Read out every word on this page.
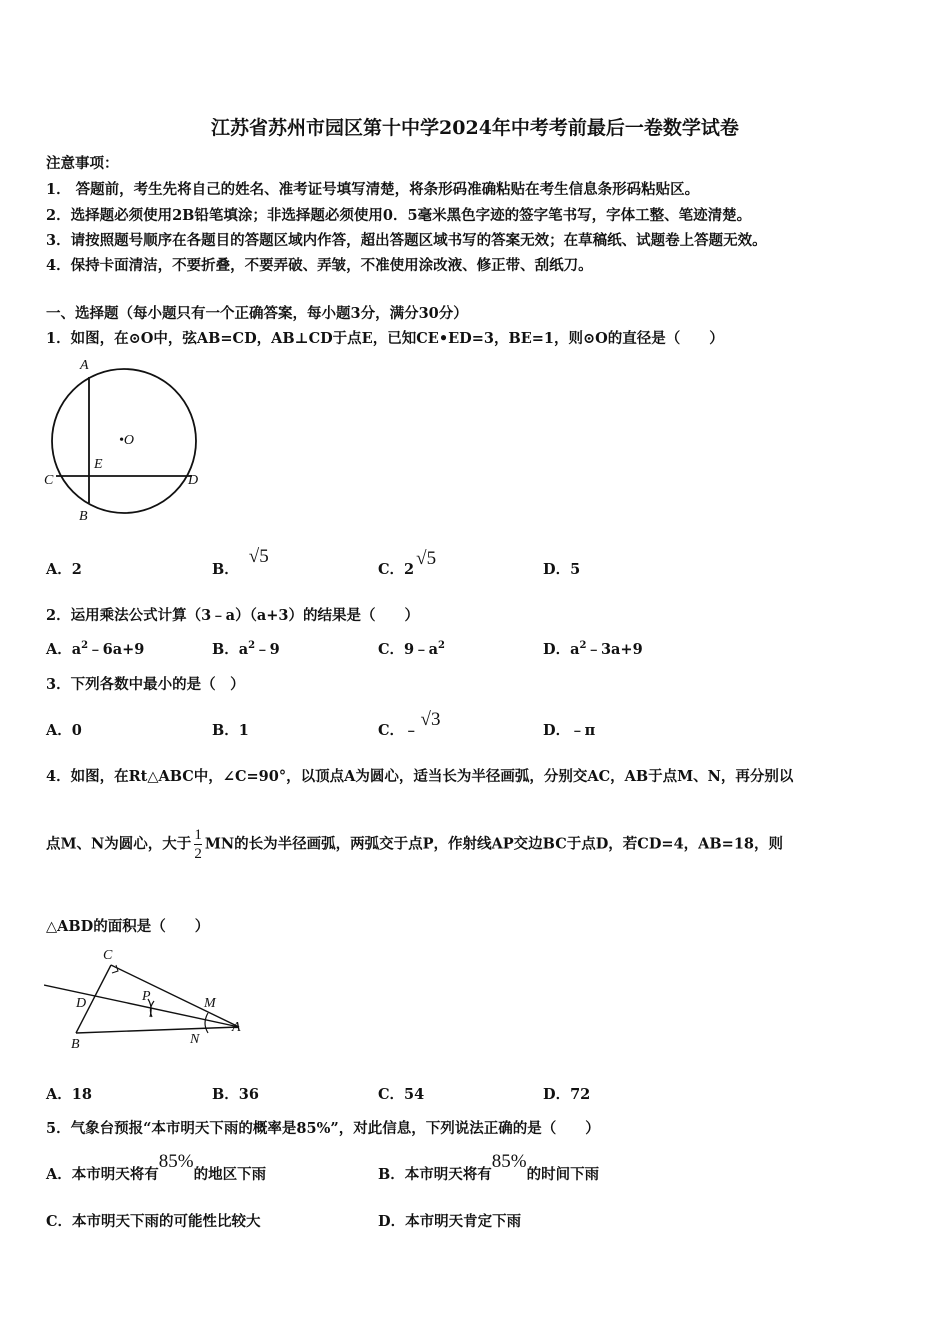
江苏省苏州市园区第十中学2024年中考考前最后一卷数学试卷
注意事项：
1． 答题前，考生先将自己的姓名、准考证号填写清楚，将条形码准确粘贴在考生信息条形码粘贴区。
2．选择题必须使用2B铅笔填涂；非选择题必须使用0．5毫米黑色字迹的签字笔书写，字体工整、笔迹清楚。
3．请按照题号顺序在各题目的答题区域内作答，超出答题区域书写的答案无效；在草稿纸、试题卷上答题无效。
4．保持卡面清洁，不要折叠，不要弄破、弄皱，不准使用涂改液、修正带、刮纸刀。
一、选择题（每小题只有一个正确答案，每小题3分，满分30分）
1．如图，在⊙O中，弦AB=CD，AB⊥CD于点E，已知CE•ED=3，BE=1，则⊙O的直径是（　　）
A
•O
E
C	D
B
A．2	B．√5
C．2√5
D．5
2．运用乘法公式计算（3﹣a）（a+3）的结果是（　　）
A．$a^2﹣6a+9$	B．$a^2﹣9$	C．$9﹣a^2$	D．$a^2﹣3a+9$
3．下列各数中最小的是（　）
A．0	B．1	C．﹣√3
D．﹣π
4．如图，在Rt△ABC中，∠C=90°，以顶点A为圆心，适当长为半径画弧，分别交AC，AB于点M、N，再分别以
点M、N为圆心，大于 $\frac{1}{2}$ MN的长为半径画弧，两弧交于点P，作射线AP交边BC于点D，若CD=4，AB=18，则
△ABD的面积是（　　）
C
D	P	M
A
B	N
A．18	B．36	C．54	D．72
5．气象台预报“本市明天下雨的概率是85%”，对此信息，下列说法正确的是（　　）
A．本市明天将有85%的地区下雨	B．本市明天将有85%的时间下雨
C．本市明天下雨的可能性比较大	D．本市明天肯定下雨
